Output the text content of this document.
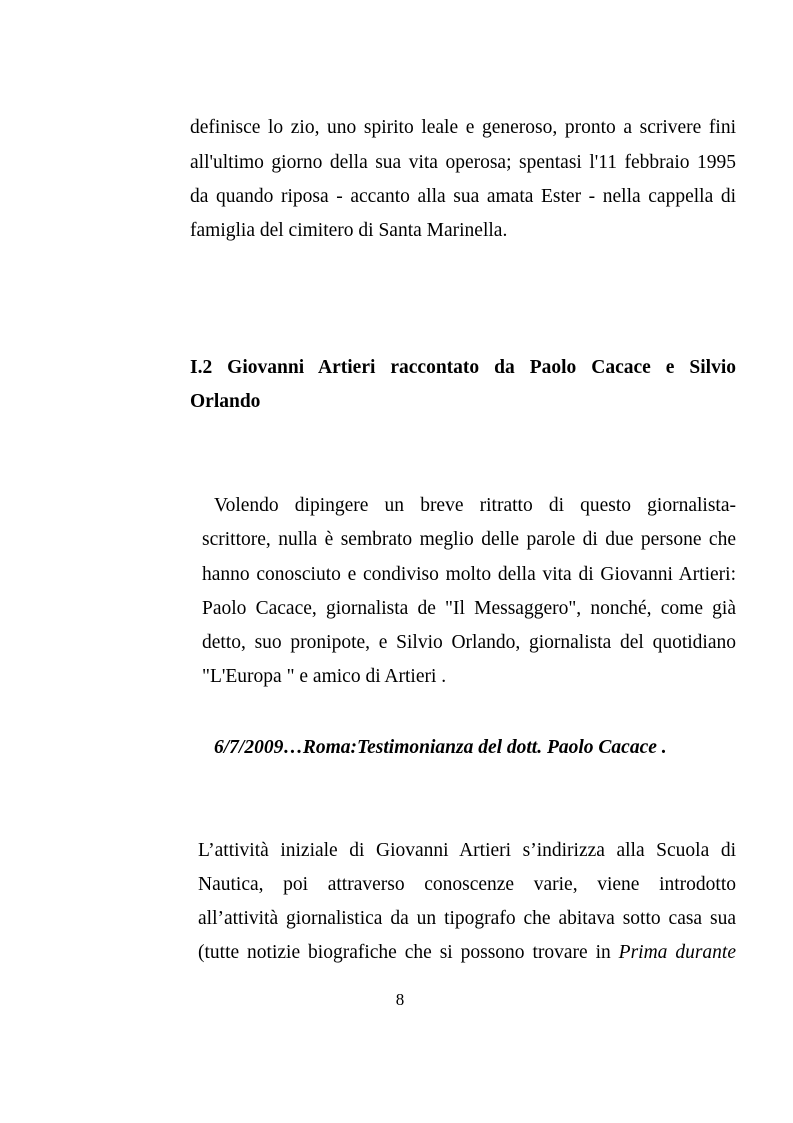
definisce lo zio, uno spirito leale e generoso, pronto a scrivere fini
all'ultimo giorno della sua vita operosa; spentasi l'11 febbraio 1995
da quando riposa - accanto alla sua amata Ester - nella cappella di
famiglia del cimitero di Santa Marinella.
I.2 Giovanni Artieri raccontato da Paolo Cacace e Silvio
Orlando
Volendo dipingere un breve ritratto di questo giornalista-
scrittore, nulla è sembrato meglio delle parole di due persone che
hanno conosciuto e condiviso molto della vita di Giovanni Artieri:
Paolo Cacace, giornalista de "Il Messaggero", nonché, come già
detto, suo pronipote, e Silvio Orlando, giornalista del quotidiano
"L'Europa " e amico di Artieri .
6/7/2009…Roma:Testimonianza del dott. Paolo Cacace .
L’attività iniziale di Giovanni Artieri s’indirizza alla Scuola di
Nautica, poi attraverso conoscenze varie, viene introdotto
all’attività giornalistica da un tipografo che abitava sotto casa sua
(tutte notizie biografiche che si possono trovare in Prima durante
8
